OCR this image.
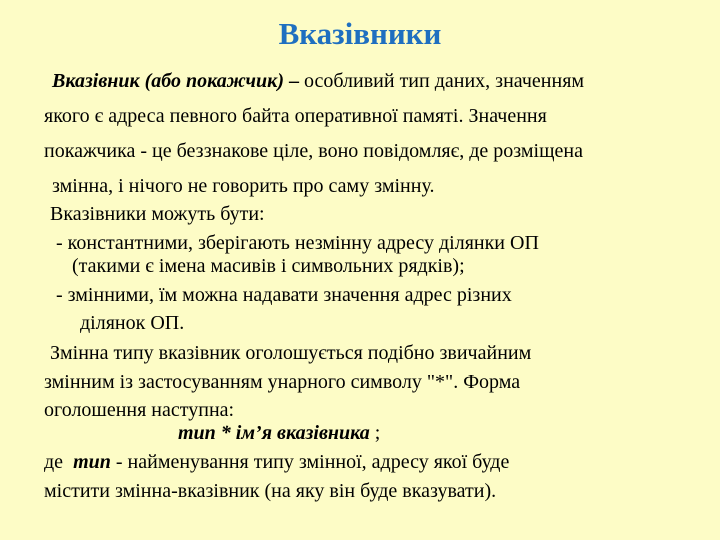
Вказівники
Вказівник (або покажчик) – особливий тип даних, значенням
якого є адреса певного байта оперативної памяті. Значення
покажчика - це беззнакове ціле, воно повідомляє, де розміщена
змінна, і нічого не говорить про саму змінну.
Вказівники можуть бути:
- константними, зберігають незмінну адресу ділянки ОП
(такими є імена масивів і символьних рядків);
- змінними, їм можна надавати значення адрес різних
ділянок ОП.
Змінна типу вказівник оголошується подібно звичайним
змінним із застосуванням унарного символу "*". Форма
оголошення наступна:
тип * ім’я вказівника ;
де  тип - найменування типу змінної, адресу якої буде
містити змінна-вказівник (на яку він буде вказувати).
